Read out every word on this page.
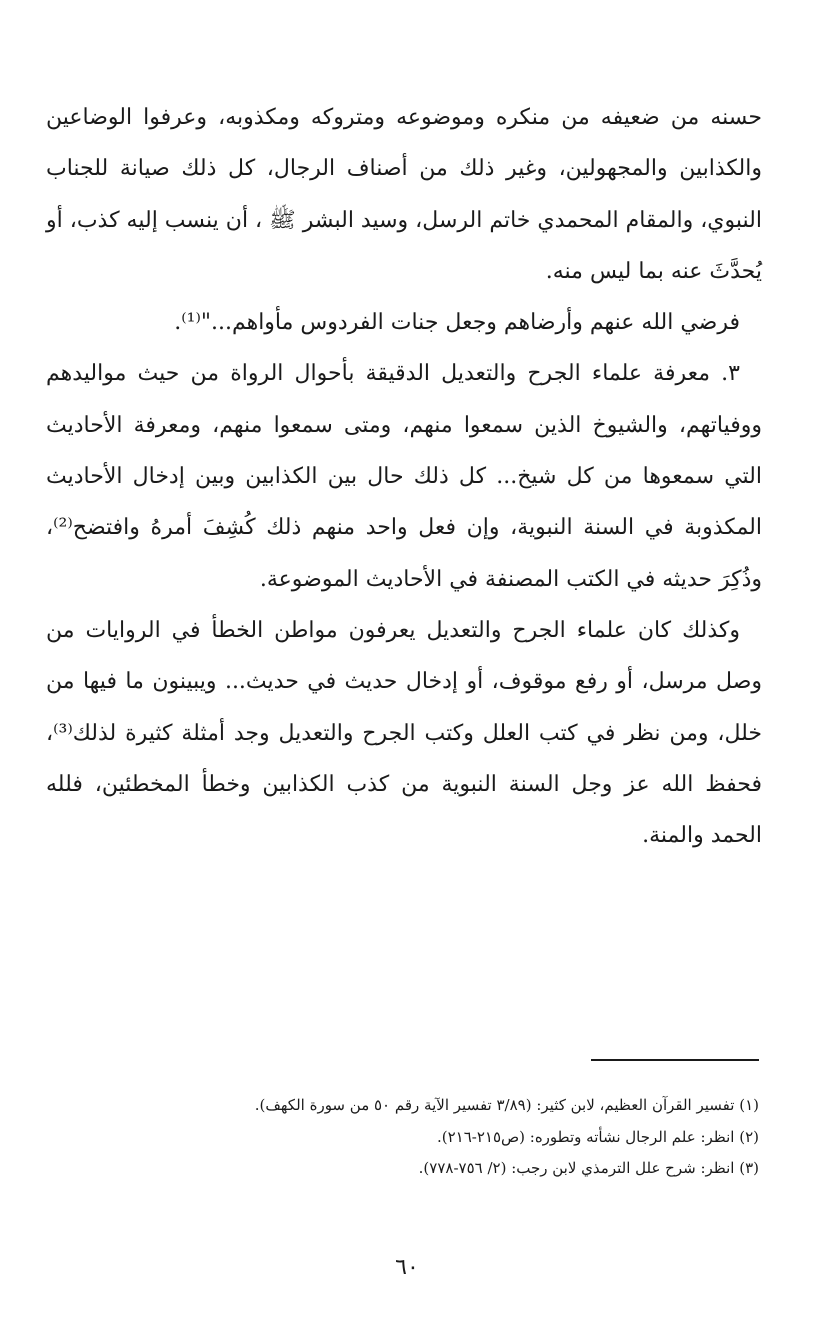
حسنه من ضعيفه من منكره وموضوعه ومتروكه ومكذوبه، وعرفوا الوضاعين والكذابين والمجهولين، وغير ذلك من أصناف الرجال، كل ذلك صيانة للجناب النبوي، والمقام المحمدي خاتم الرسل، وسيد البشر ﷺ ، أن ينسب إليه كذب، أو يُحدَّثَ عنه بما ليس منه.

فرضي الله عنهم وأرضاهم وجعل جنات الفردوس مأواهم..."⁽¹⁾.

٣. معرفة علماء الجرح والتعديل الدقيقة بأحوال الرواة من حيث مواليدهم ووفياتهم، والشيوخ الذين سمعوا منهم، ومتى سمعوا منهم، ومعرفة الأحاديث التي سمعوها من كل شيخ... كل ذلك حال بين الكذابين وبين إدخال الأحاديث المكذوبة في السنة النبوية، وإن فعل واحد منهم ذلك كُشِفَ أمرهُ وافتضح⁽²⁾، وذُكِرَ حديثه في الكتب المصنفة في الأحاديث الموضوعة.

وكذلك كان علماء الجرح والتعديل يعرفون مواطن الخطأ في الروايات من وصل مرسل، أو رفع موقوف، أو إدخال حديث في حديث... ويبينون ما فيها من خلل، ومن نظر في كتب العلل وكتب الجرح والتعديل وجد أمثلة كثيرة لذلك⁽³⁾، فحفظ الله عز وجل السنة النبوية من كذب الكذابين وخطأ المخطئين، فلله الحمد والمنة.

(١) تفسير القرآن العظيم، لابن كثير: (٣/٨٩ تفسير الآية رقم ٥٠ من سورة الكهف).

(٢) انظر: علم الرجال نشأته وتطوره: (ص٢١٥-٢١٦).

(٣) انظر: شرح علل الترمذي لابن رجب: (٢/ ٧٥٦-٧٧٨).

٦٠
